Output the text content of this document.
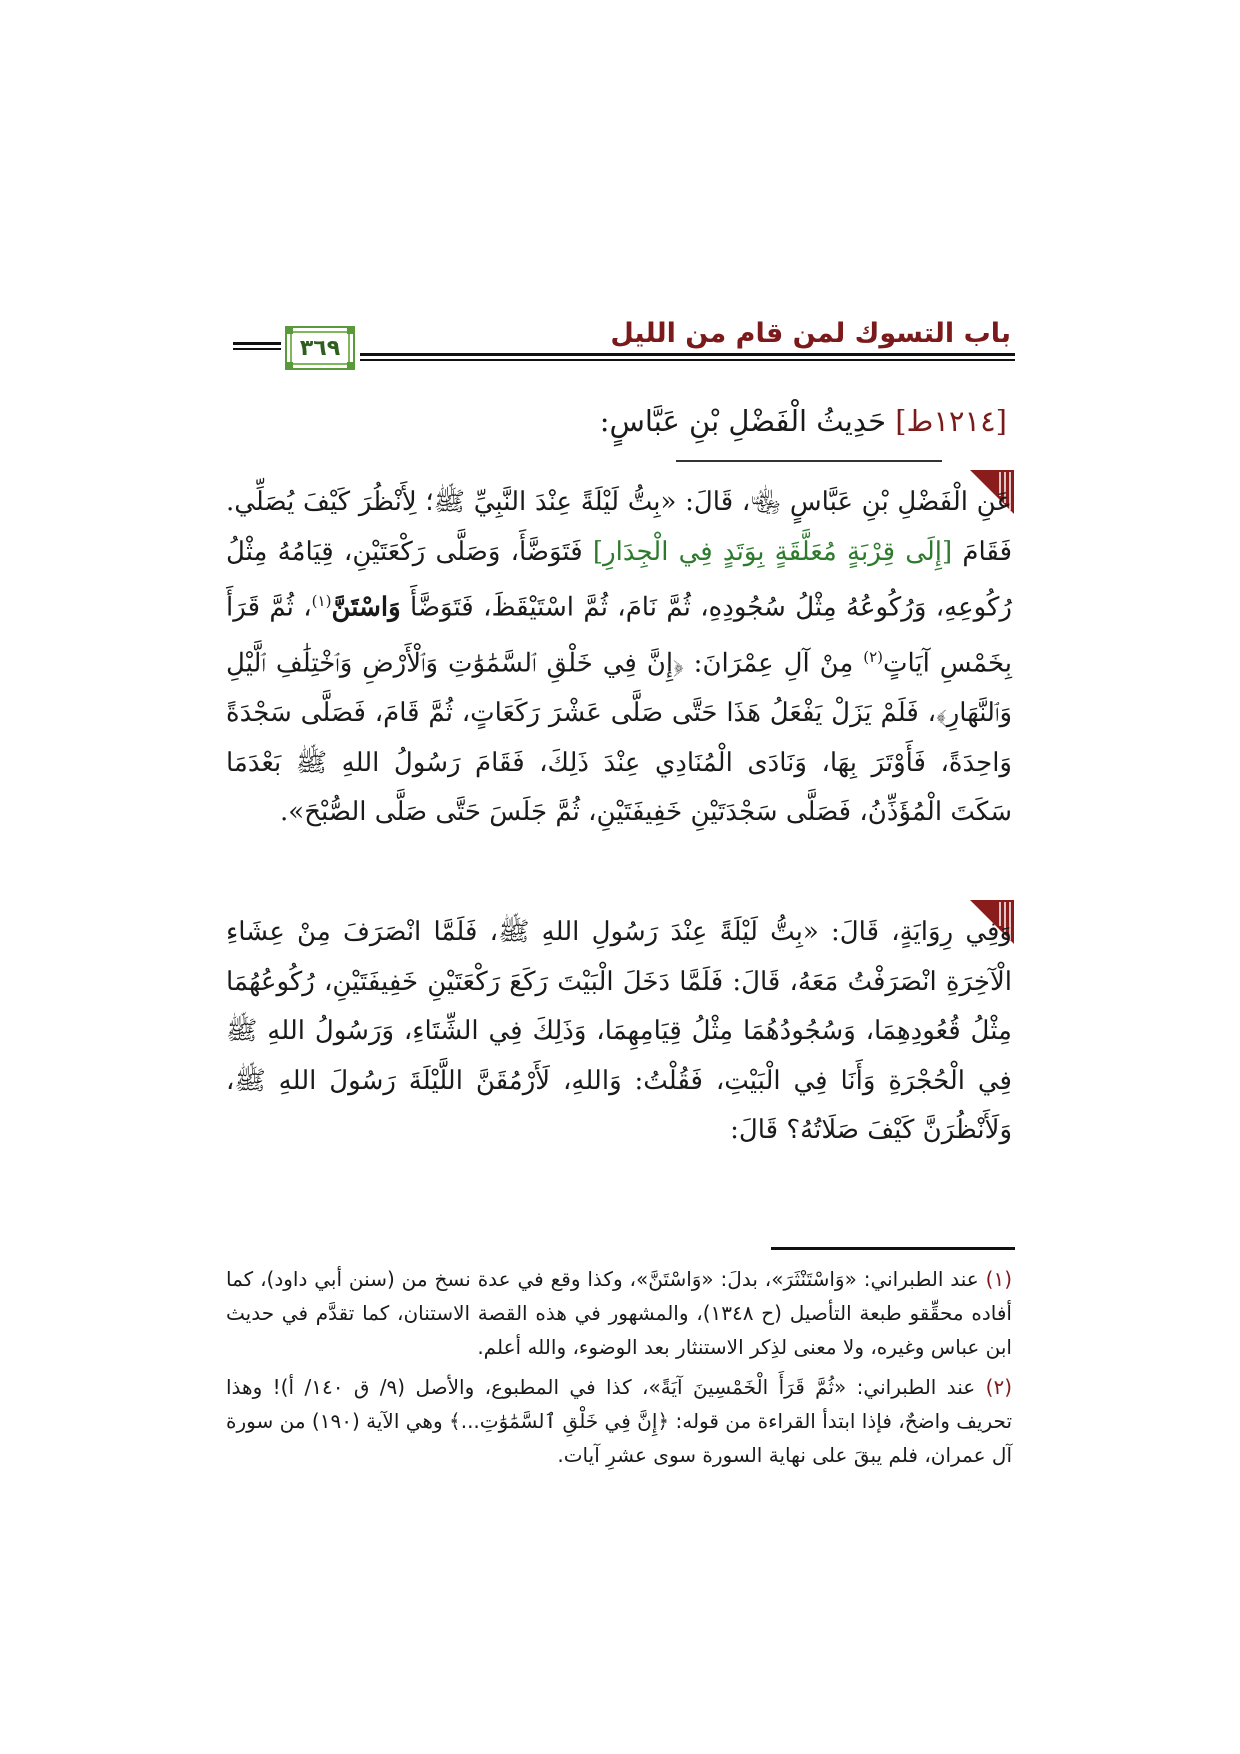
باب التسوك لمن قام من الليل
٣٦٩
[١٢١٤ط] حَدِيثُ الْفَضْلِ بْنِ عَبَّاسٍ:
عَنِ الْفَضْلِ بْنِ عَبَّاسٍ ﵄، قَالَ: «بِتُّ لَيْلَةً عِنْدَ النَّبِيِّ ﷺ؛ لِأَنْظُرَ كَيْفَ يُصَلِّي. فَقَامَ [إِلَى قِرْبَةٍ مُعَلَّقَةٍ بِوَتَدٍ فِي الْجِدَارِ] فَتَوَضَّأَ، وَصَلَّى رَكْعَتَيْنِ، قِيَامُهُ مِثْلُ رُكُوعِهِ، وَرُكُوعُهُ مِثْلُ سُجُودِهِ، ثُمَّ نَامَ، ثُمَّ اسْتَيْقَظَ، فَتَوَضَّأَ وَاسْتَنَّ$^{(١)}$، ثُمَّ قَرَأَ بِخَمْسِ آيَاتٍ$^{(٢)}$ مِنْ آلِ عِمْرَانَ: ﴿إِنَّ فِي خَلْقِ ٱلسَّمَٰوَٰتِ وَٱلْأَرْضِ وَٱخْتِلَٰفِ ٱلَّيْلِ وَٱلنَّهَارِ﴾، فَلَمْ يَزَلْ يَفْعَلُ هَذَا حَتَّى صَلَّى عَشْرَ رَكَعَاتٍ، ثُمَّ قَامَ، فَصَلَّى سَجْدَةً وَاحِدَةً، فَأَوْتَرَ بِهَا، وَنَادَى الْمُنَادِي عِنْدَ ذَلِكَ، فَقَامَ رَسُولُ اللهِ ﷺ بَعْدَمَا سَكَتَ الْمُؤَذِّنُ، فَصَلَّى سَجْدَتَيْنِ خَفِيفَتَيْنِ، ثُمَّ جَلَسَ حَتَّى صَلَّى الصُّبْحَ».
وَفِي رِوَايَةٍ، قَالَ: «بِتُّ لَيْلَةً عِنْدَ رَسُولِ اللهِ ﷺ، فَلَمَّا انْصَرَفَ مِنْ عِشَاءِ الْآخِرَةِ انْصَرَفْتُ مَعَهُ، قَالَ: فَلَمَّا دَخَلَ الْبَيْتَ رَكَعَ رَكْعَتَيْنِ خَفِيفَتَيْنِ، رُكُوعُهُمَا مِثْلُ قُعُودِهِمَا، وَسُجُودُهُمَا مِثْلُ قِيَامِهِمَا، وَذَلِكَ فِي الشِّتَاءِ، وَرَسُولُ اللهِ ﷺ فِي الْحُجْرَةِ وَأَنَا فِي الْبَيْتِ، فَقُلْتُ: وَاللهِ، لَأَرْمُقَنَّ اللَّيْلَةَ رَسُولَ اللهِ ﷺ، وَلَأَنْظُرَنَّ كَيْفَ صَلَاتُهُ؟ قَالَ:

(١) عند الطبراني: «وَاسْتَنْثَرَ»، بدلَ: «وَاسْتَنَّ»، وكذا وقع في عدة نسخ من (سنن أبي داود)، كما أفاده محقِّقو طبعة التأصيل (ح ١٣٤٨)، والمشهور في هذه القصة الاستنان، كما تقدَّم في حديث ابن عباس وغيره، ولا معنى لذِكر الاستنثار بعد الوضوء، والله أعلم.

(٢) عند الطبراني: «ثُمَّ قَرَأَ الْخَمْسِينَ آيَةً»، كذا في المطبوع، والأصل (٩/ ق ١٤٠/ أ)! وهذا تحريف واضحٌ، فإذا ابتدأ القراءة من قوله: ﴿إِنَّ فِي خَلْقِ ٱلسَّمَٰوَٰتِ...﴾ وهي الآية (١٩٠) من سورة آل عمران، فلم يبقَ على نهاية السورة سوى عشرِ آيات.
